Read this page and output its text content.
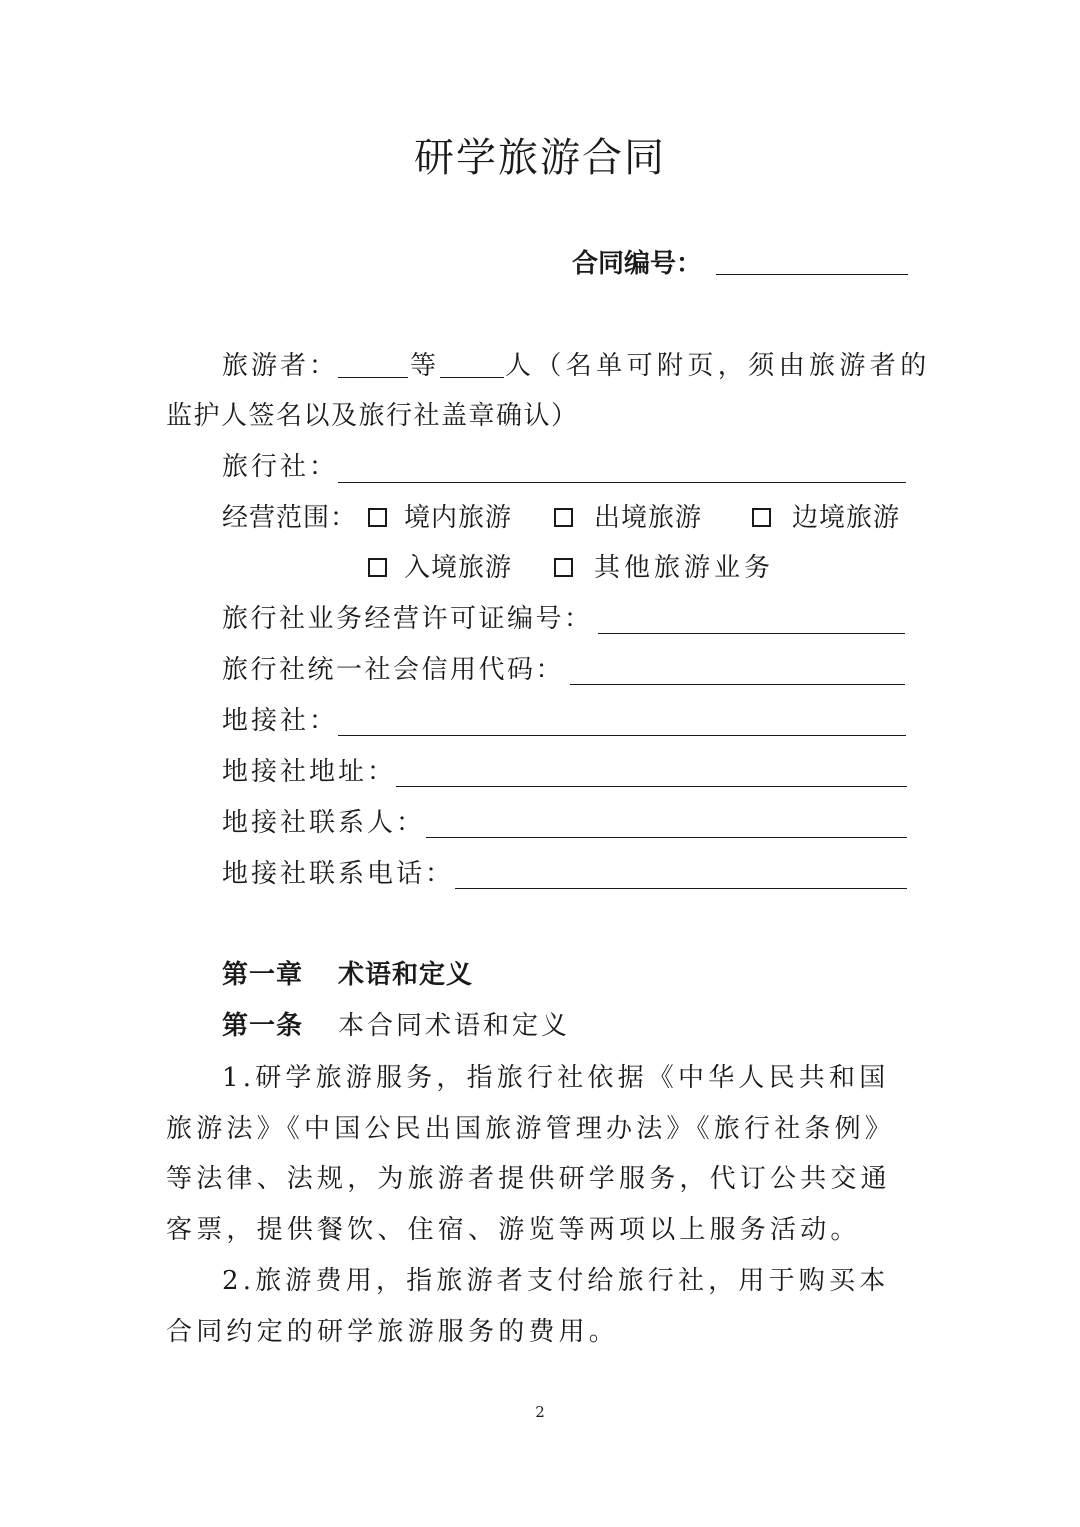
研学旅游合同
合同编号：
旅游者：	等	人（名单可附页，须由旅游者的
监护人签名以及旅行社盖章确认）
旅行社：
经营范围： 境内旅游	出境旅游	边境旅游
入境旅游	其他旅游业务
旅行社业务经营许可证编号：
旅行社统一社会信用代码：
地接社：
地接社地址：
地接社联系人：
地接社联系电话：
第一章 术语和定义
第一条 本合同术语和定义

1.研学旅游服务，指旅行社依据《中华人民共和国旅游法》《中国公民出国旅游管理办法》《旅行社条例》等法律、法规，为旅游者提供研学服务，代订公共交通客票，提供餐饮、住宿、游览等两项以上服务活动。

2.旅游费用，指旅游者支付给旅行社，用于购买本合同约定的研学旅游服务的费用。

2
